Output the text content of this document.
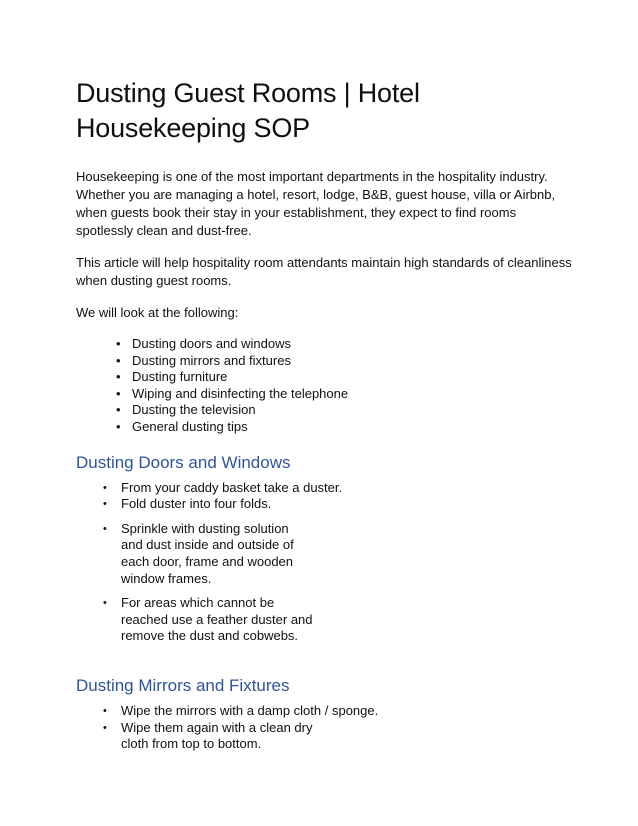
Dusting Guest Rooms | Hotel Housekeeping SOP

Housekeeping is one of the most important departments in the hospitality industry. Whether you are managing a hotel, resort, lodge, B&B, guest house, villa or Airbnb, when guests book their stay in your establishment, they expect to find rooms spotlessly clean and dust-free.

This article will help hospitality room attendants maintain high standards of cleanliness when dusting guest rooms.

We will look at the following:

• Dusting doors and windows
• Dusting mirrors and fixtures
• Dusting furniture
• Wiping and disinfecting the telephone
• Dusting the television
• General dusting tips
Dusting Doors and Windows
• From your caddy basket take a duster.
• Fold duster into four folds.
• Sprinkle with dusting solution and dust inside and outside of each door, frame and wooden window frames.
• For areas which cannot be reached use a feather duster and remove the dust and cobwebs.
Dusting Mirrors and Fixtures
• Wipe the mirrors with a damp cloth / sponge.
• Wipe them again with a clean dry cloth from top to bottom.
